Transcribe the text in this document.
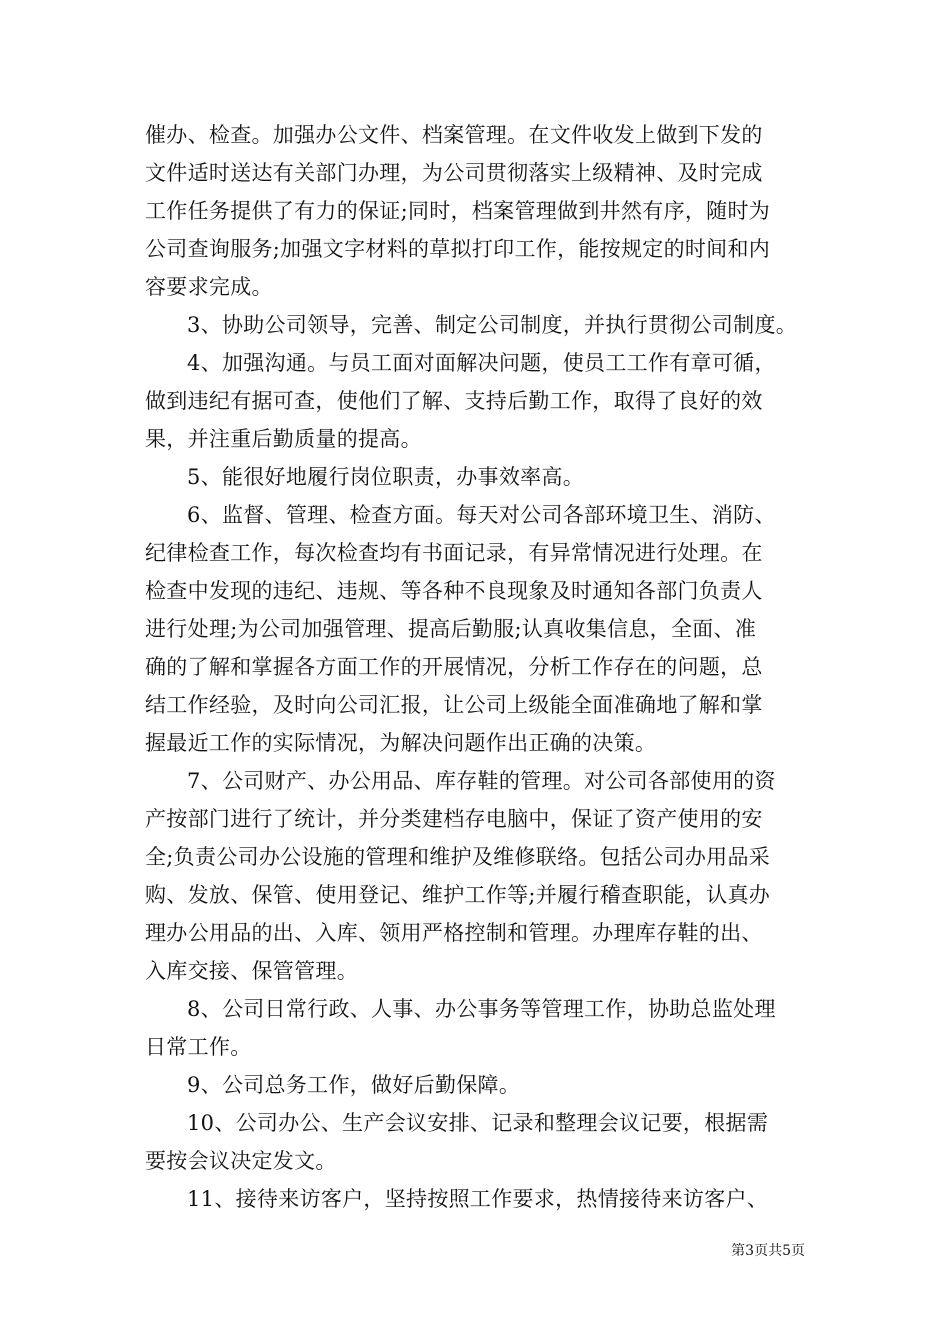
催办、检查。加强办公文件、档案管理。在文件收发上做到下发的
文件适时送达有关部门办理，为公司贯彻落实上级精神、及时完成
工作任务提供了有力的保证;同时，档案管理做到井然有序，随时为
公司查询服务;加强文字材料的草拟打印工作，能按规定的时间和内
容要求完成。
3、协助公司领导，完善、制定公司制度，并执行贯彻公司制度。
4、加强沟通。与员工面对面解决问题，使员工工作有章可循，
做到违纪有据可查，使他们了解、支持后勤工作，取得了良好的效
果，并注重后勤质量的提高。
5、能很好地履行岗位职责，办事效率高。
6、监督、管理、检查方面。每天对公司各部环境卫生、消防、
纪律检查工作，每次检查均有书面记录，有异常情况进行处理。在
检查中发现的违纪、违规、等各种不良现象及时通知各部门负责人
进行处理;为公司加强管理、提高后勤服;认真收集信息，全面、准
确的了解和掌握各方面工作的开展情况，分析工作存在的问题，总
结工作经验，及时向公司汇报，让公司上级能全面准确地了解和掌
握最近工作的实际情况，为解决问题作出正确的决策。
7、公司财产、办公用品、库存鞋的管理。对公司各部使用的资
产按部门进行了统计，并分类建档存电脑中，保证了资产使用的安
全;负责公司办公设施的管理和维护及维修联络。包括公司办用品采
购、发放、保管、使用登记、维护工作等;并履行稽查职能，认真办
理办公用品的出、入库、领用严格控制和管理。办理库存鞋的出、
入库交接、保管管理。
8、公司日常行政、人事、办公事务等管理工作，协助总监处理
日常工作。
9、公司总务工作，做好后勤保障。
10、公司办公、生产会议安排、记录和整理会议记要，根据需
要按会议决定发文。
11、接待来访客户，坚持按照工作要求，热情接待来访客户、
第3页共5页
